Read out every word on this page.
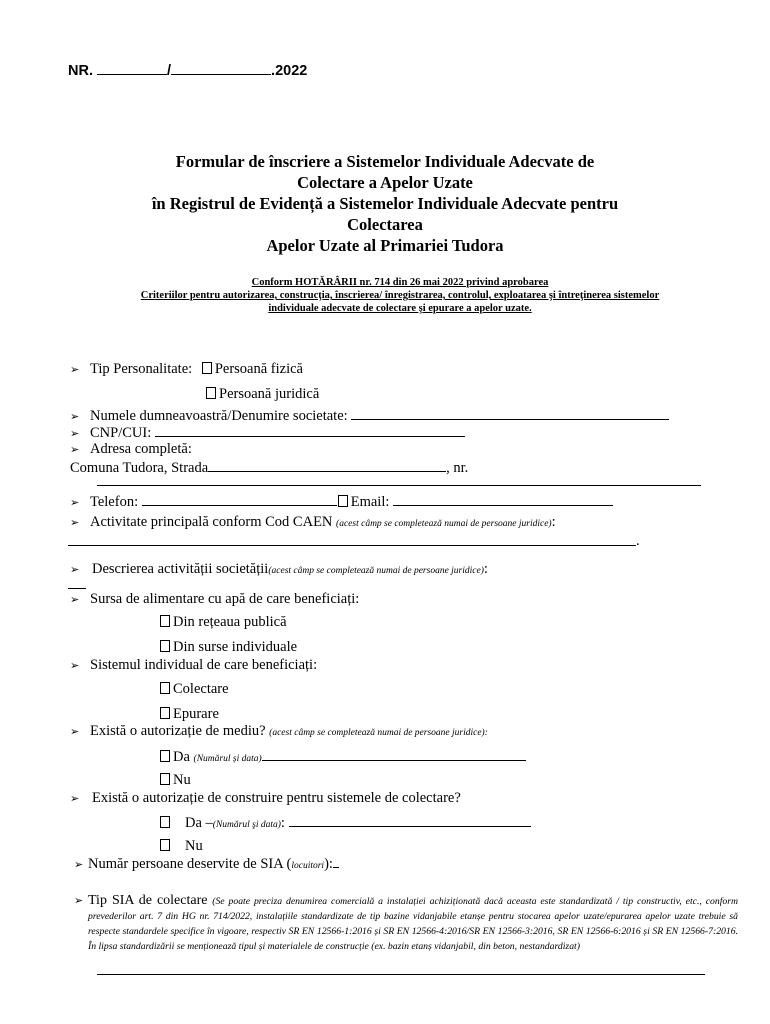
NR.	/	.2022
Formular de înscriere a Sistemelor Individuale Adecvate de
Colectare a Apelor Uzate
în Registrul de Evidență a Sistemelor Individuale Adecvate pentru
Colectarea
Apelor Uzate al Primariei Tudora
Conform HOTĂRÂRII nr. 714 din 26 mai 2022 privind aprobarea
Criteriilor pentru autorizarea, construcţia, înscrierea/ înregistrarea, controlul, exploatarea şi întreţinerea sistemelor
individuale adecvate de colectare şi epurare a apelor uzate.
➢ Tip Personalitate: Persoană fizică
Persoană juridică
➢ Numele dumneavoastră/Denumire societate:
➢ CNP/CUI:
➢ Adresa completă:
Comuna Tudora, Strada	, nr.
➢ Telefon:	Email:
➢ Activitate principală conform Cod CAEN (acest câmp se completează numai de persoane juridice):
.
➢ Descrierea activității societății(acest câmp se completează numai de persoane juridice):
➢ Sursa de alimentare cu apă de care beneficiați:
Din rețeaua publică
Din surse individuale
➢ Sistemul individual de care beneficiați:
Colectare
Epurare
➢ Există o autorizație de mediu? (acest câmp se completează numai de persoane juridice):
Da (Numărul și data)
Nu
➢ Există o autorizație de construire pentru sistemele de colectare?
Da –(Numărul şi data):
Nu
➢ Număr persoane deservite de SIA (locuitori):
➢ Tip SIA de colectare (Se poate preciza denumirea comercială a instalației achiziționată dacă aceasta este standardizată / tip constructiv, etc., conform prevederilor art. 7 din HG nr. 714/2022, instalațiile standardizate de tip bazine vidanjabile etanșe pentru stocarea apelor uzate/epurarea apelor uzate trebuie să respecte standardele specifice în vigoare, respectiv SR EN 12566-1:2016 și SR EN 12566-4:2016/SR EN 12566-3:2016, SR EN 12566-6:2016 și SR EN 12566-7:2016. În lipsa standardizării se menționează tipul și materialele de construcție (ex. bazin etanș vidanjabil, din beton, nestandardizat)
